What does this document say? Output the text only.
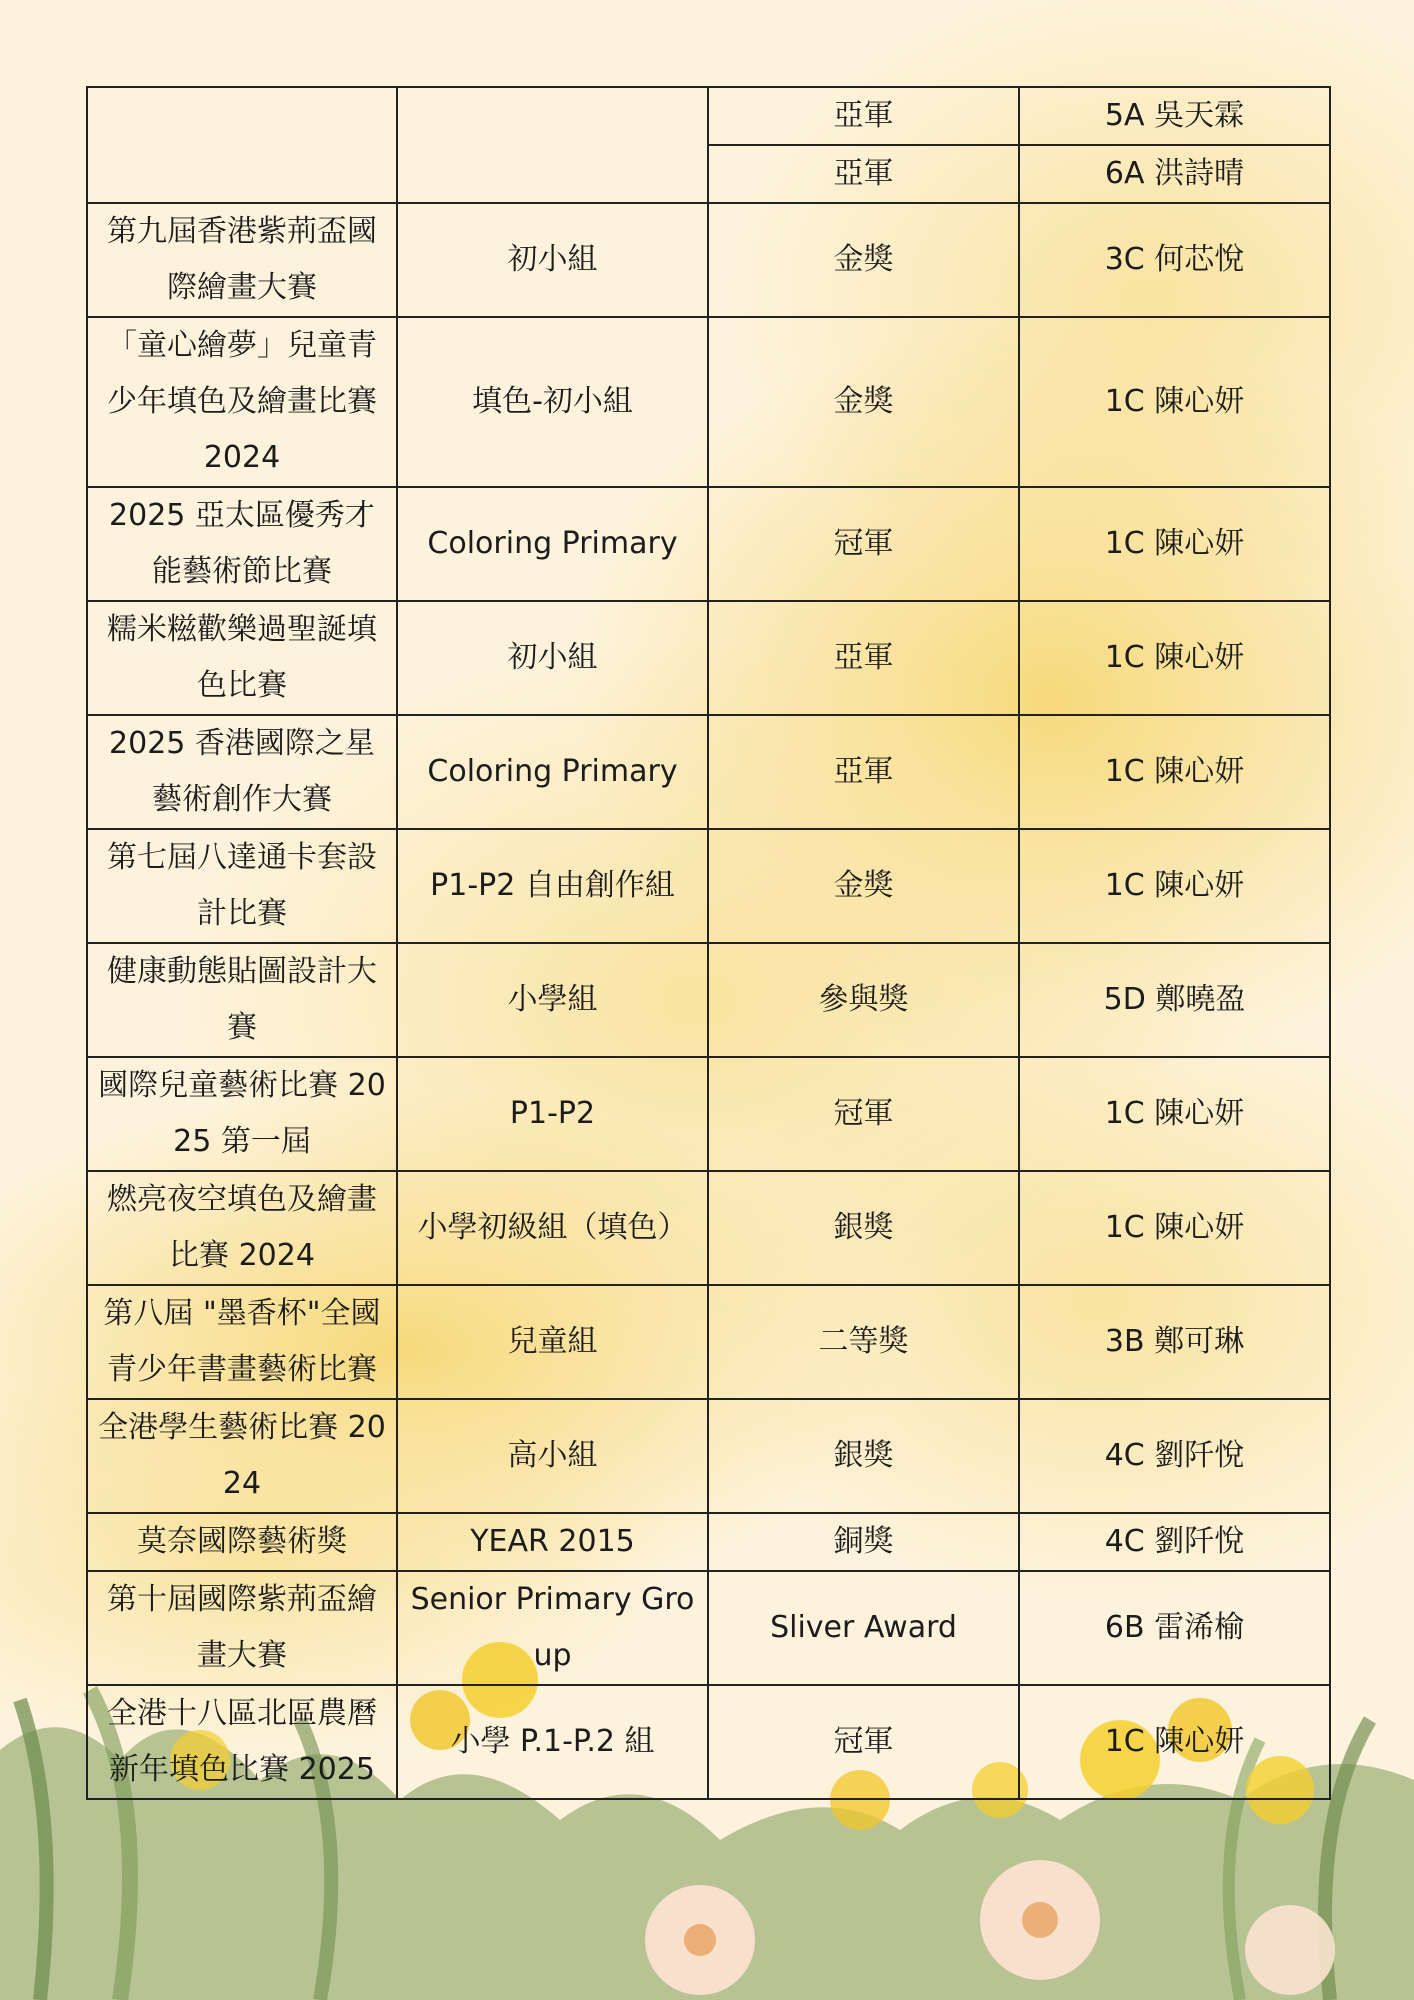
		亞軍	5A 吳天霖
		亞軍	6A 洪詩晴
第九屆香港紫荊盃國際繪畫大賽	初小組	金獎	3C 何芯悅
「童心繪夢」兒童青少年填色及繪畫比賽 2024	填色-初小組	金獎	1C 陳心妍
2025 亞太區優秀才能藝術節比賽	Coloring Primary	冠軍	1C 陳心妍
糯米糍歡樂過聖誕填色比賽	初小組	亞軍	1C 陳心妍
2025 香港國際之星藝術創作大賽	Coloring Primary	亞軍	1C 陳心妍
第七屆八達通卡套設計比賽	P1-P2 自由創作組	金獎	1C 陳心妍
健康動態貼圖設計大賽	小學組	參與獎	5D 鄭曉盈
國際兒童藝術比賽 2025 第一屆	P1-P2	冠軍	1C 陳心妍
燃亮夜空填色及繪畫比賽 2024	小學初級組（填色）	銀獎	1C 陳心妍
第八屆 "墨香杯"全國青少年書畫藝術比賽	兒童組	二等獎	3B 鄭可琳
全港學生藝術比賽 2024	高小組	銀獎	4C 劉阡悅
莫奈國際藝術獎	YEAR 2015	銅獎	4C 劉阡悅
第十屆國際紫荊盃繪畫大賽	Senior Primary Group	Sliver Award	6B 雷浠榆
全港十八區北區農曆新年填色比賽 2025	小學 P.1-P.2 組	冠軍	1C 陳心妍
